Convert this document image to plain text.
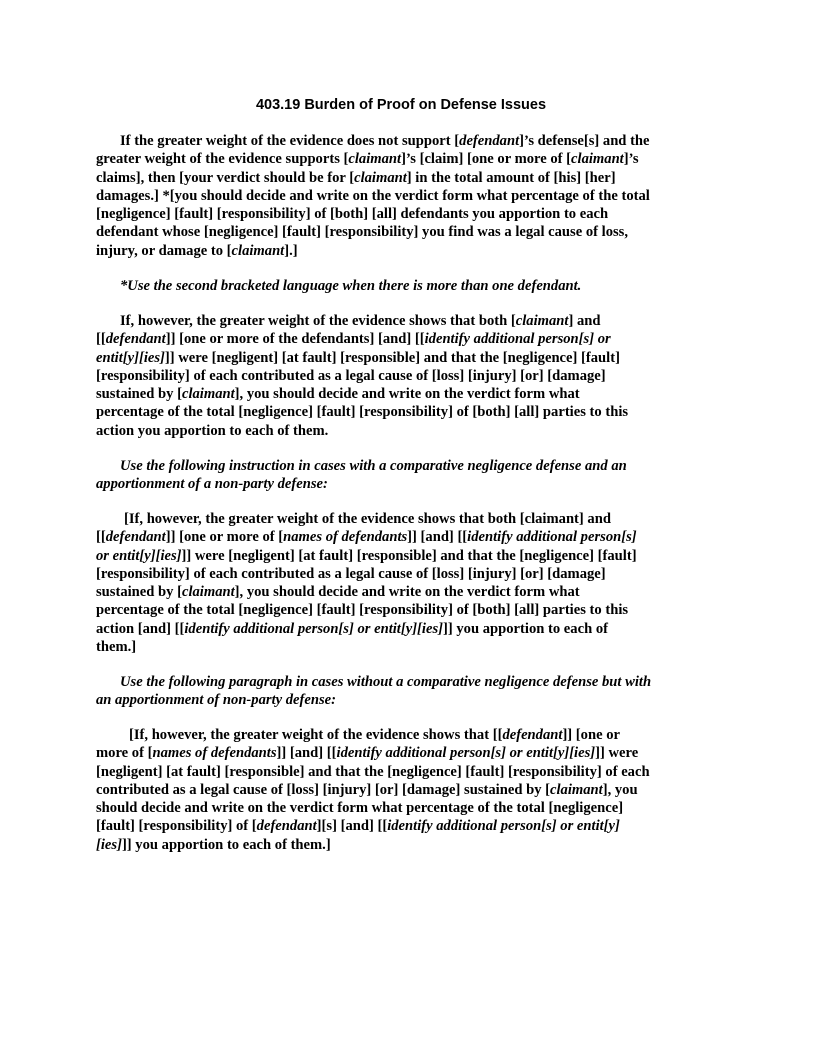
403.19 Burden of Proof on Defense Issues

If the greater weight of the evidence does not support [defendant]’s defense[s] and the
greater weight of the evidence supports [claimant]’s [claim] [one or more of [claimant]’s
claims], then [your verdict should be for [claimant] in the total amount of [his] [her]
damages.] *[you should decide and write on the verdict form what percentage of the total
[negligence] [fault] [responsibility] of [both] [all] defendants you apportion to each
defendant whose [negligence] [fault] [responsibility] you find was a legal cause of loss,
injury, or damage to [claimant].]

*Use the second bracketed language when there is more than one defendant.

If, however, the greater weight of the evidence shows that both [claimant] and
[[defendant]] [one or more of the defendants] [and] [[identify additional person[s] or
entit[y][ies]]] were [negligent] [at fault] [responsible] and that the [negligence] [fault]
[responsibility] of each contributed as a legal cause of [loss] [injury] [or] [damage]
sustained by [claimant], you should decide and write on the verdict form what
percentage of the total [negligence] [fault] [responsibility] of [both] [all] parties to this
action you apportion to each of them.

Use the following instruction in cases with a comparative negligence defense and an
apportionment of a non-party defense:

[If, however, the greater weight of the evidence shows that both [claimant] and
[[defendant]] [one or more of [names of defendants]] [and] [[identify additional person[s]
or entit[y][ies]]] were [negligent] [at fault] [responsible] and that the [negligence] [fault]
[responsibility] of each contributed as a legal cause of [loss] [injury] [or] [damage]
sustained by [claimant], you should decide and write on the verdict form what
percentage of the total [negligence] [fault] [responsibility] of [both] [all] parties to this
action [and] [[identify additional person[s] or entit[y][ies]]] you apportion to each of
them.]

Use the following paragraph in cases without a comparative negligence defense but with
an apportionment of non-party defense:

[If, however, the greater weight of the evidence shows that [[defendant]] [one or
more of [names of defendants]] [and] [[identify additional person[s] or entit[y][ies]]] were
[negligent] [at fault] [responsible] and that the [negligence] [fault] [responsibility] of each
contributed as a legal cause of [loss] [injury] [or] [damage] sustained by [claimant], you
should decide and write on the verdict form what percentage of the total [negligence]
[fault] [responsibility] of [defendant][s] [and] [[identify additional person[s] or entit[y]
[ies]]] you apportion to each of them.]
